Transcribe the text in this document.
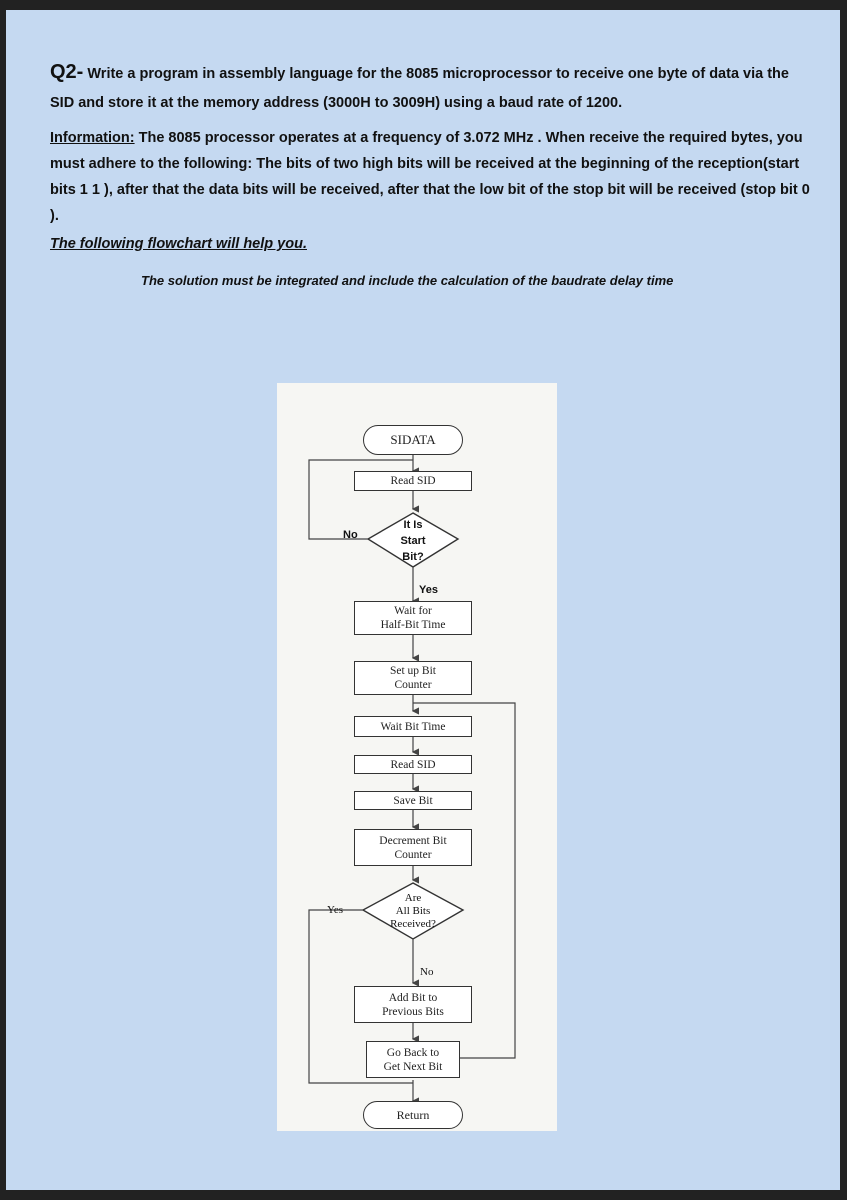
Q2- Write a program in assembly language for the 8085 microprocessor to receive one byte of data via the SID and store it at the memory address (3000H to 3009H) using a baud rate of 1200.
Information: The 8085 processor operates at a frequency of 3.072 MHz . When receive the required bytes, you must adhere to the following: The bits of two high bits will be received at the beginning of the reception(start bits 1 1 ), after that the data bits will be received, after that the low bit of the stop bit will be received (stop bit 0 ).
The following flowchart will help you.
The solution must be integrated and include the calculation of the baudrate delay time
SIDATA
Read SID
It Is
Start
Bit?
No
Yes
Wait for
Half-Bit Time
Set up Bit
Counter
Wait Bit Time
Read SID
Save Bit
Decrement Bit
Counter
Are
All Bits
Received?
Yes
No
Add Bit to
Previous Bits
Go Back to
Get Next Bit
Return
